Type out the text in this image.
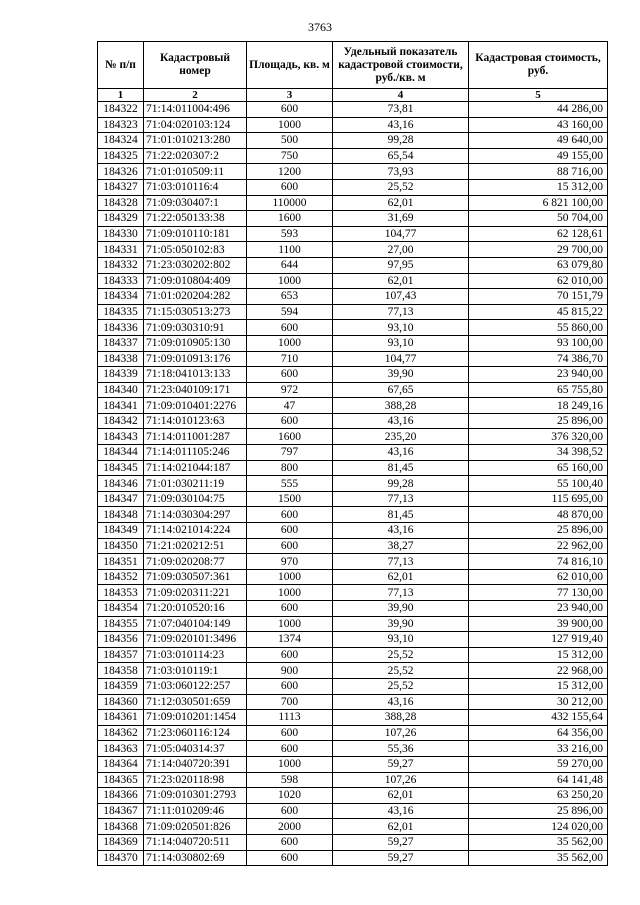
3763
№ п/п	Кадастровый номер	Площадь, кв. м	Удельный показатель кадастровой стоимости, руб./кв. м	Кадастровая стоимость, руб.
1	2	3	4	5
184322	71:14:011004:496	600	73,81	44 286,00
184323	71:04:020103:124	1000	43,16	43 160,00
184324	71:01:010213:280	500	99,28	49 640,00
184325	71:22:020307:2	750	65,54	49 155,00
184326	71:01:010509:11	1200	73,93	88 716,00
184327	71:03:010116:4	600	25,52	15 312,00
184328	71:09:030407:1	110000	62,01	6 821 100,00
184329	71:22:050133:38	1600	31,69	50 704,00
184330	71:09:010110:181	593	104,77	62 128,61
184331	71:05:050102:83	1100	27,00	29 700,00
184332	71:23:030202:802	644	97,95	63 079,80
184333	71:09:010804:409	1000	62,01	62 010,00
184334	71:01:020204:282	653	107,43	70 151,79
184335	71:15:030513:273	594	77,13	45 815,22
184336	71:09:030310:91	600	93,10	55 860,00
184337	71:09:010905:130	1000	93,10	93 100,00
184338	71:09:010913:176	710	104,77	74 386,70
184339	71:18:041013:133	600	39,90	23 940,00
184340	71:23:040109:171	972	67,65	65 755,80
184341	71:09:010401:2276	47	388,28	18 249,16
184342	71:14:010123:63	600	43,16	25 896,00
184343	71:14:011001:287	1600	235,20	376 320,00
184344	71:14:011105:246	797	43,16	34 398,52
184345	71:14:021044:187	800	81,45	65 160,00
184346	71:01:030211:19	555	99,28	55 100,40
184347	71:09:030104:75	1500	77,13	115 695,00
184348	71:14:030304:297	600	81,45	48 870,00
184349	71:14:021014:224	600	43,16	25 896,00
184350	71:21:020212:51	600	38,27	22 962,00
184351	71:09:020208:77	970	77,13	74 816,10
184352	71:09:030507:361	1000	62,01	62 010,00
184353	71:09:020311:221	1000	77,13	77 130,00
184354	71:20:010520:16	600	39,90	23 940,00
184355	71:07:040104:149	1000	39,90	39 900,00
184356	71:09:020101:3496	1374	93,10	127 919,40
184357	71:03:010114:23	600	25,52	15 312,00
184358	71:03:010119:1	900	25,52	22 968,00
184359	71:03:060122:257	600	25,52	15 312,00
184360	71:12:030501:659	700	43,16	30 212,00
184361	71:09:010201:1454	1113	388,28	432 155,64
184362	71:23:060116:124	600	107,26	64 356,00
184363	71:05:040314:37	600	55,36	33 216,00
184364	71:14:040720:391	1000	59,27	59 270,00
184365	71:23:020118:98	598	107,26	64 141,48
184366	71:09:010301:2793	1020	62,01	63 250,20
184367	71:11:010209:46	600	43,16	25 896,00
184368	71:09:020501:826	2000	62,01	124 020,00
184369	71:14:040720:511	600	59,27	35 562,00
184370	71:14:030802:69	600	59,27	35 562,00
